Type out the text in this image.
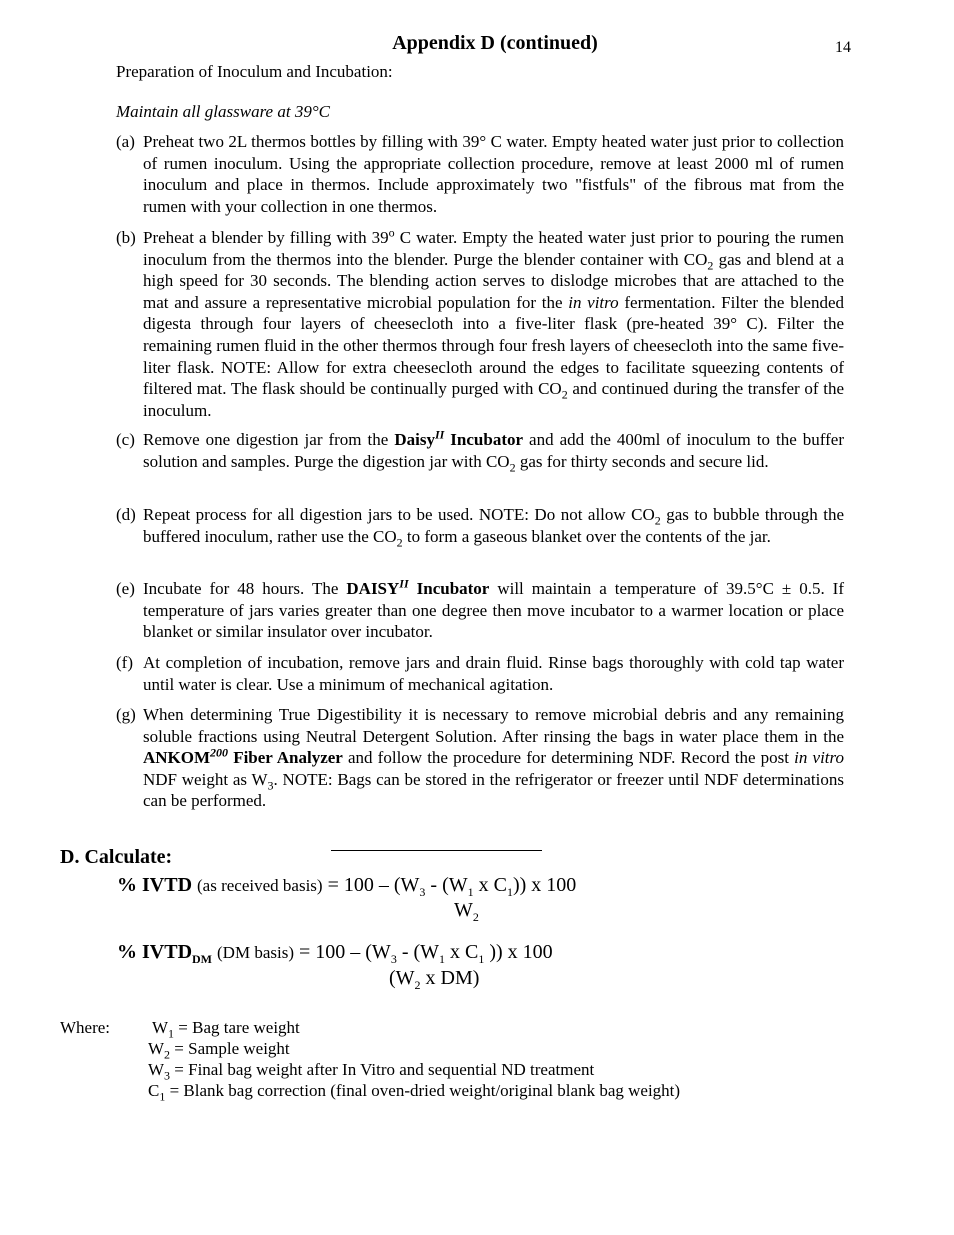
Appendix D (continued)	14
Preparation of Inoculum and Incubation:
Maintain all glassware at 39°C
(a) Preheat two 2L thermos bottles by filling with 39° C water. Empty heated water just prior to collection of rumen inoculum. Using the appropriate collection procedure, remove at least 2000 ml of rumen inoculum and place in thermos. Include approximately two "fistfuls" of the fibrous mat from the rumen with your collection in one thermos.
(b) Preheat a blender by filling with 39$^o$ C water. Empty the heated water just prior to pouring the rumen inoculum from the thermos into the blender. Purge the blender container with $CO_2$ gas and blend at a high speed for 30 seconds. The blending action serves to dislodge microbes that are attached to the mat and assure a representative microbial population for the in vitro fermentation. Filter the blended digesta through four layers of cheesecloth into a five-liter flask (pre-heated 39° C). Filter the remaining rumen fluid in the other thermos through four fresh layers of cheesecloth into the same five-liter flask. NOTE: Allow for extra cheesecloth around the edges to facilitate squeezing contents of filtered mat. The flask should be continually purged with $CO_2$ and continued during the transfer of the inoculum.
(c) Remove one digestion jar from the Daisy$^{II}$ Incubator and add the 400ml of inoculum to the buffer solution and samples. Purge the digestion jar with $CO_2$ gas for thirty seconds and secure lid.
(d) Repeat process for all digestion jars to be used. NOTE: Do not allow $CO_2$ gas to bubble through the buffered inoculum, rather use the $CO_2$ to form a gaseous blanket over the contents of the jar.
(e) Incubate for 48 hours. The $DAISY^{II}$ Incubator will maintain a temperature of 39.5°C ± 0.5. If temperature of jars varies greater than one degree then move incubator to a warmer location or place blanket or similar insulator over incubator.
(f) At completion of incubation, remove jars and drain fluid. Rinse bags thoroughly with cold tap water until water is clear. Use a minimum of mechanical agitation.
(g) When determining True Digestibility it is necessary to remove microbial debris and any remaining soluble fractions using Neutral Detergent Solution. After rinsing the bags in water place them in the ANKOM$^{200}$ Fiber Analyzer and follow the procedure for determining NDF. Record the post in vitro NDF weight as $W_3$. NOTE: Bags can be stored in the refrigerator or freezer until NDF determinations can be performed.
D. Calculate:
% IVTD (as received basis) = $100 - (W_3 - (W_1$ x $C_1$)) x 100
$W_2$
% $IVTD_{DM}$ (DM basis) = $100 - (W_3 - (W_1$ x $C_1$ )) x 100
($W_2$ x DM)
Where: $W_1$ = Bag tare weight
$W_2$ = Sample weight
$W_3$ = Final bag weight after In Vitro and sequential ND treatment
$C_1$ = Blank bag correction (final oven-dried weight/original blank bag weight)
